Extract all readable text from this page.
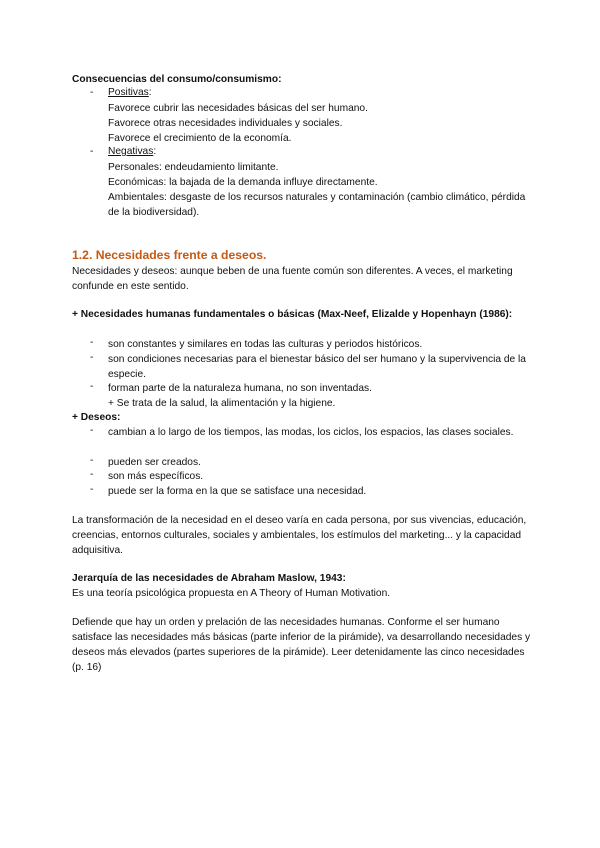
Consecuencias del consumo/consumismo:
- Positivas:
Favorece cubrir las necesidades básicas del ser humano.
Favorece otras necesidades individuales y sociales.
Favorece el crecimiento de la economía.
- Negativas:
Personales: endeudamiento limitante.
Económicas: la bajada de la demanda influye directamente.
Ambientales: desgaste de los recursos naturales y contaminación (cambio climático, pérdida de la biodiversidad).
1.2. Necesidades frente a deseos.
Necesidades y deseos: aunque beben de una fuente común son diferentes. A veces, el marketing confunde en este sentido.
+ Necesidades humanas fundamentales o básicas (Max-Neef, Elizalde y Hopenhayn (1986):
- son constantes y similares en todas las culturas y periodos históricos.
- son condiciones necesarias para el bienestar básico del ser humano y la supervivencia de la especie.
- forman parte de la naturaleza humana, no son inventadas.
+ Se trata de la salud, la alimentación y la higiene.
+ Deseos:
- cambian a lo largo de los tiempos, las modas, los ciclos, los espacios, las clases sociales.
- pueden ser creados.
- son más específicos.
- puede ser la forma en la que se satisface una necesidad.
La transformación de la necesidad en el deseo varía en cada persona, por sus vivencias, educación, creencias, entornos culturales, sociales y ambientales, los estímulos del marketing... y la capacidad adquisitiva.
Jerarquía de las necesidades de Abraham Maslow, 1943:
Es una teoría psicológica propuesta en A Theory of Human Motivation.
Defiende que hay un orden y prelación de las necesidades humanas. Conforme el ser humano satisface las necesidades más básicas (parte inferior de la pirámide), va desarrollando necesidades y deseos más elevados (partes superiores de la pirámide). Leer detenidamente las cinco necesidades (p. 16)
